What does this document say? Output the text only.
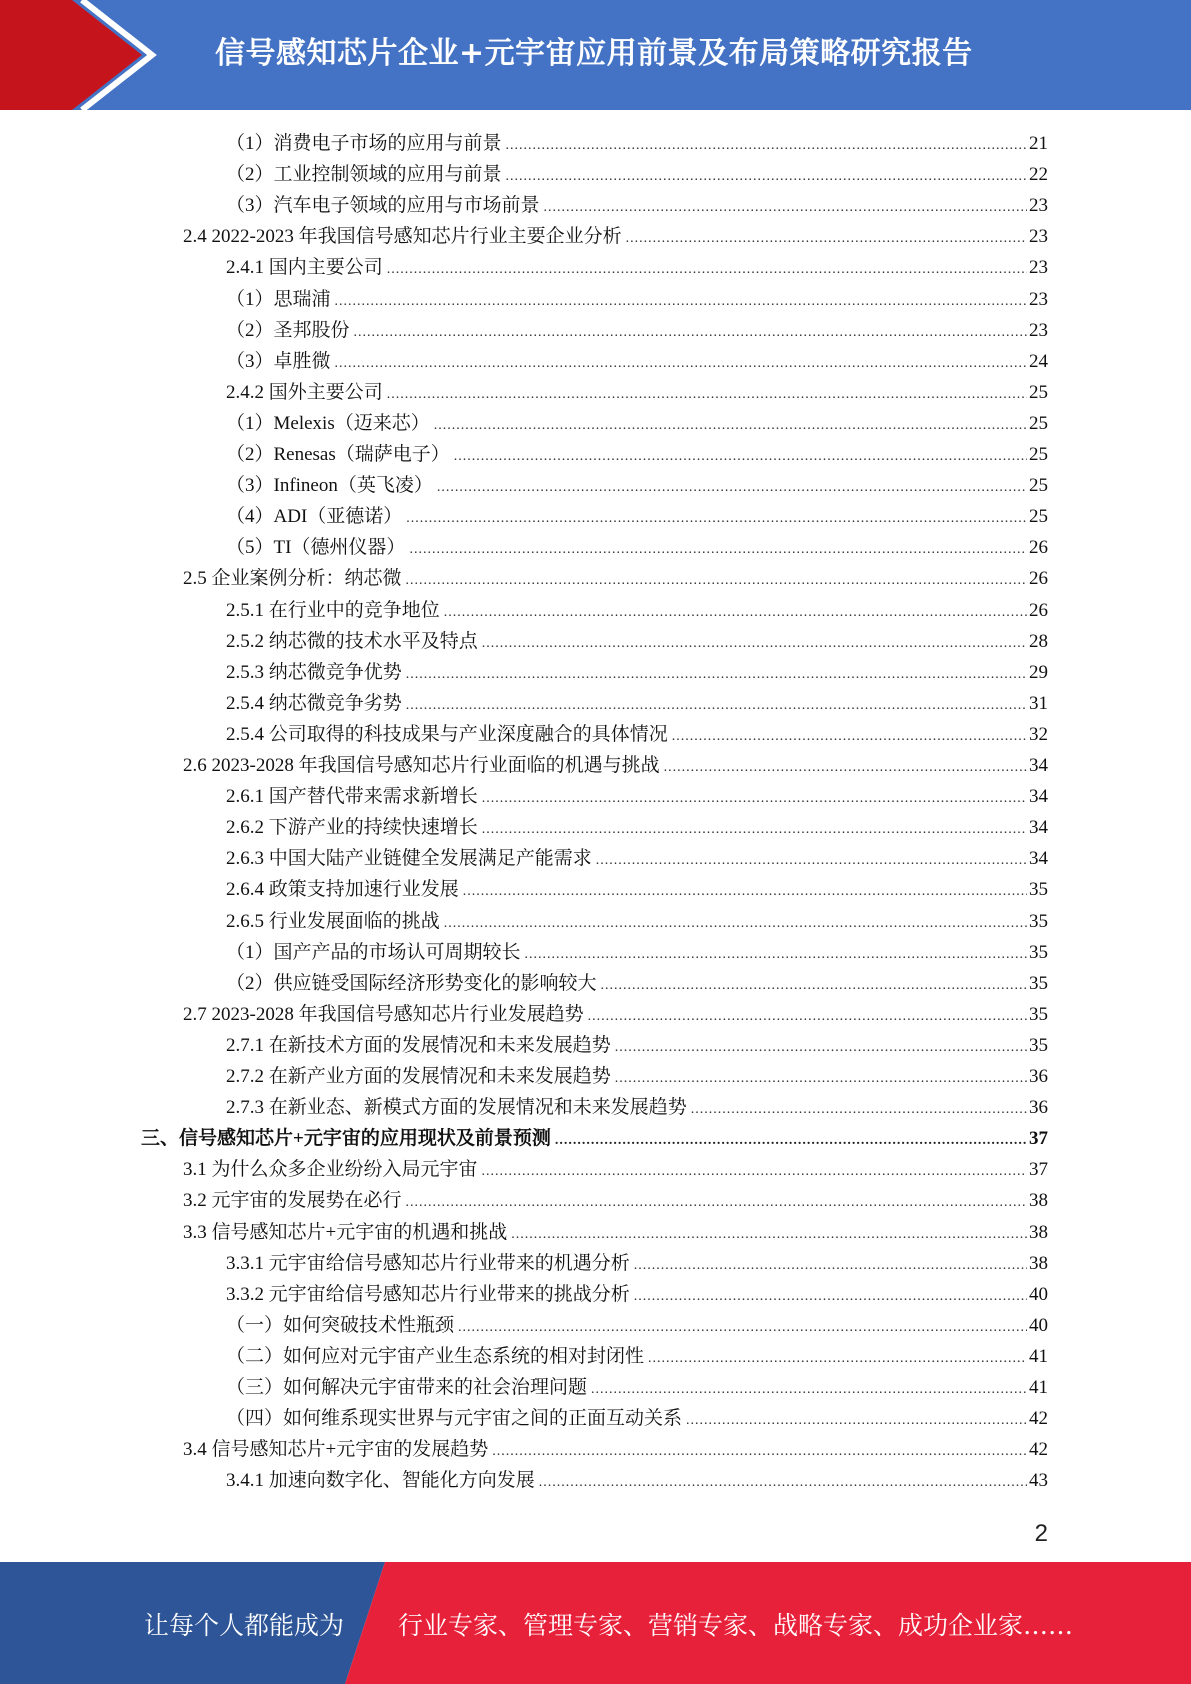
信号感知芯片企业+元宇宙应用前景及布局策略研究报告
（1）消费电子市场的应用与前景 .....	21
（2）工业控制领域的应用与前景 .....	22
（3）汽车电子领域的应用与市场前景 .....	23
2.4 2022-2023 年我国信号感知芯片行业主要企业分析 .....	23
2.4.1 国内主要公司 .....	23
（1）思瑞浦 .....	23
（2）圣邦股份 .....	23
（3）卓胜微 .....	24
2.4.2 国外主要公司 .....	25
（1）Melexis（迈来芯） .....	25
（2）Renesas（瑞萨电子） .....	25
（3）Infineon（英飞凌） .....	25
（4）ADI（亚德诺） .....	25
（5）TI（德州仪器） .....	26
2.5 企业案例分析：纳芯微 .....	26
2.5.1 在行业中的竞争地位 .....	26
2.5.2 纳芯微的技术水平及特点 .....	28
2.5.3 纳芯微竞争优势 .....	29
2.5.4 纳芯微竞争劣势 .....	31
2.5.4 公司取得的科技成果与产业深度融合的具体情况 .....	32
2.6 2023-2028 年我国信号感知芯片行业面临的机遇与挑战 .....	34
2.6.1 国产替代带来需求新增长 .....	34
2.6.2 下游产业的持续快速增长 .....	34
2.6.3 中国大陆产业链健全发展满足产能需求 .....	34
2.6.4 政策支持加速行业发展 .....	35
2.6.5 行业发展面临的挑战 .....	35
（1）国产产品的市场认可周期较长 .....	35
（2）供应链受国际经济形势变化的影响较大 .....	35
2.7 2023-2028 年我国信号感知芯片行业发展趋势 .....	35
2.7.1 在新技术方面的发展情况和未来发展趋势 .....	35
2.7.2 在新产业方面的发展情况和未来发展趋势 .....	36
2.7.3 在新业态、新模式方面的发展情况和未来发展趋势 .....	36
三、信号感知芯片+元宇宙的应用现状及前景预测 .....	37
3.1 为什么众多企业纷纷入局元宇宙 .....	37
3.2 元宇宙的发展势在必行 .....	38
3.3 信号感知芯片+元宇宙的机遇和挑战 .....	38
3.3.1 元宇宙给信号感知芯片行业带来的机遇分析 .....	38
3.3.2 元宇宙给信号感知芯片行业带来的挑战分析 .....	40
（一）如何突破技术性瓶颈 .....	40
（二）如何应对元宇宙产业生态系统的相对封闭性 .....	41
（三）如何解决元宇宙带来的社会治理问题 .....	41
（四）如何维系现实世界与元宇宙之间的正面互动关系 .....	42
3.4 信号感知芯片+元宇宙的发展趋势 .....	42
3.4.1 加速向数字化、智能化方向发展 .....	43
2
让每个人都能成为 行业专家、管理专家、营销专家、战略专家、成功企业家……
